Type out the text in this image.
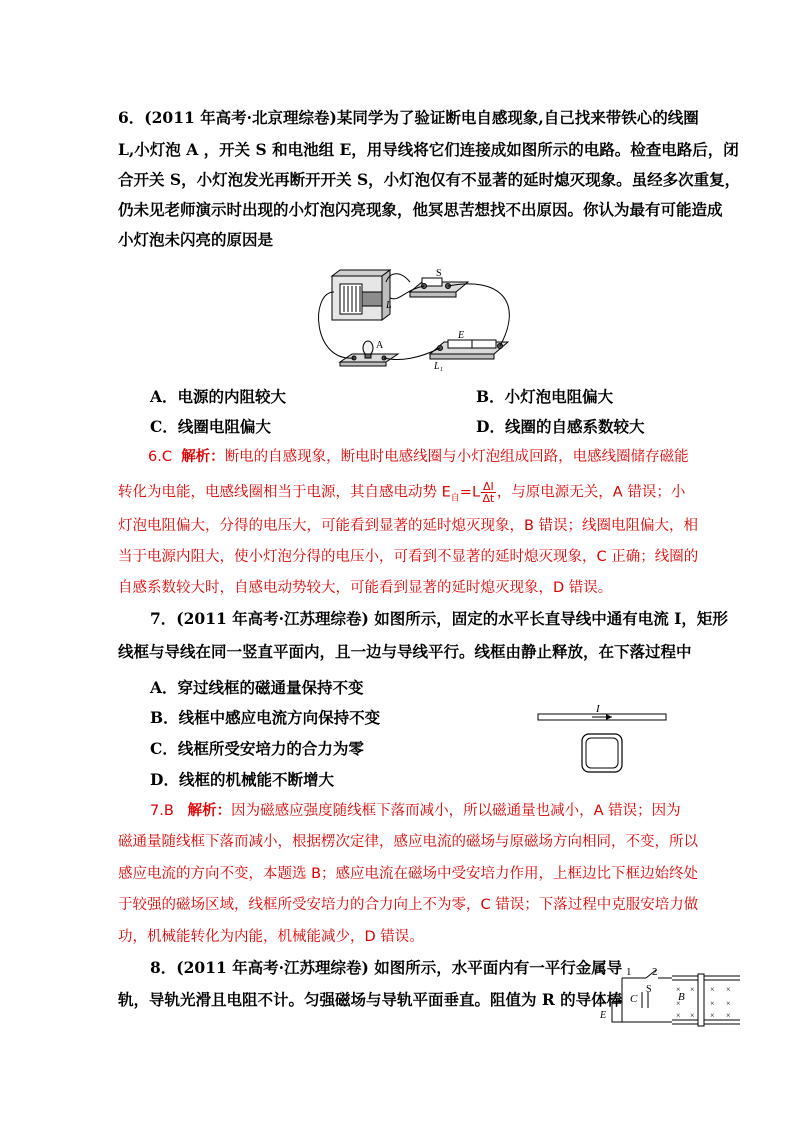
6．(2011 年高考·北京理综卷)某同学为了验证断电自感现象,自己找来带铁心的线圈
L,小灯泡 A ，开关 S 和电池组 E，用导线将它们连接成如图所示的电路。检查电路后，闭
合开关 S，小灯泡发光再断开开关 S，小灯泡仅有不显著的延时熄灭现象。虽经多次重复，
仍未见老师演示时出现的小灯泡闪亮现象，他冥思苦想找不出原因。你认为最有可能造成
小灯泡未闪亮的原因是
L
S
E
L₁
A
A．电源的内阻较大	B．小灯泡电阻偏大
C．线圈电阻偏大	D．线圈的自感系数较大
6.C 解析：断电的自感现象，断电时电感线圈与小灯泡组成回路，电感线圈储存磁能
转化为电能，电感线圈相当于电源，其自感电动势 $E_自=L \frac{\Delta I}{\Delta t}$ ，与原电源无关，A 错误；小
灯泡电阻偏大，分得的电压大，可能看到显著的延时熄灭现象，B 错误；线圈电阻偏大，相
当于电源内阻大，使小灯泡分得的电压小，可看到不显著的延时熄灭现象，C 正确；线圈的
自感系数较大时，自感电动势较大，可能看到显著的延时熄灭现象，D 错误。
7．(2011 年高考·江苏理综卷) 如图所示，固定的水平长直导线中通有电流 I，矩形
线框与导线在同一竖直平面内，且一边与导线平行。线框由静止释放，在下落过程中
A．穿过线框的磁通量保持不变
B．线框中感应电流方向保持不变
C．线框所受安培力的合力为零
D．线框的机械能不断增大
I
7.B 解析：因为磁感应强度随线框下落而减小，所以磁通量也减小，A 错误；因为
磁通量随线框下落而减小，根据楞次定律，感应电流的磁场与原磁场方向相同，不变，所以
感应电流的方向不变，本题选 B；感应电流在磁场中受安培力作用，上框边比下框边始终处
于较强的磁场区域，线框所受安培力的合力向上不为零，C 错误；下落过程中克服安培力做
功，机械能转化为内能，机械能减少，D 错误。
8．(2011 年高考·江苏理综卷) 如图所示，水平面内有一平行金属导
轨，导轨光滑且电阻不计。匀强磁场与导轨平面垂直。阻值为 R 的导体棒
1 2
S
C
E
B
× × × ×
×	× ×
× × × ×
